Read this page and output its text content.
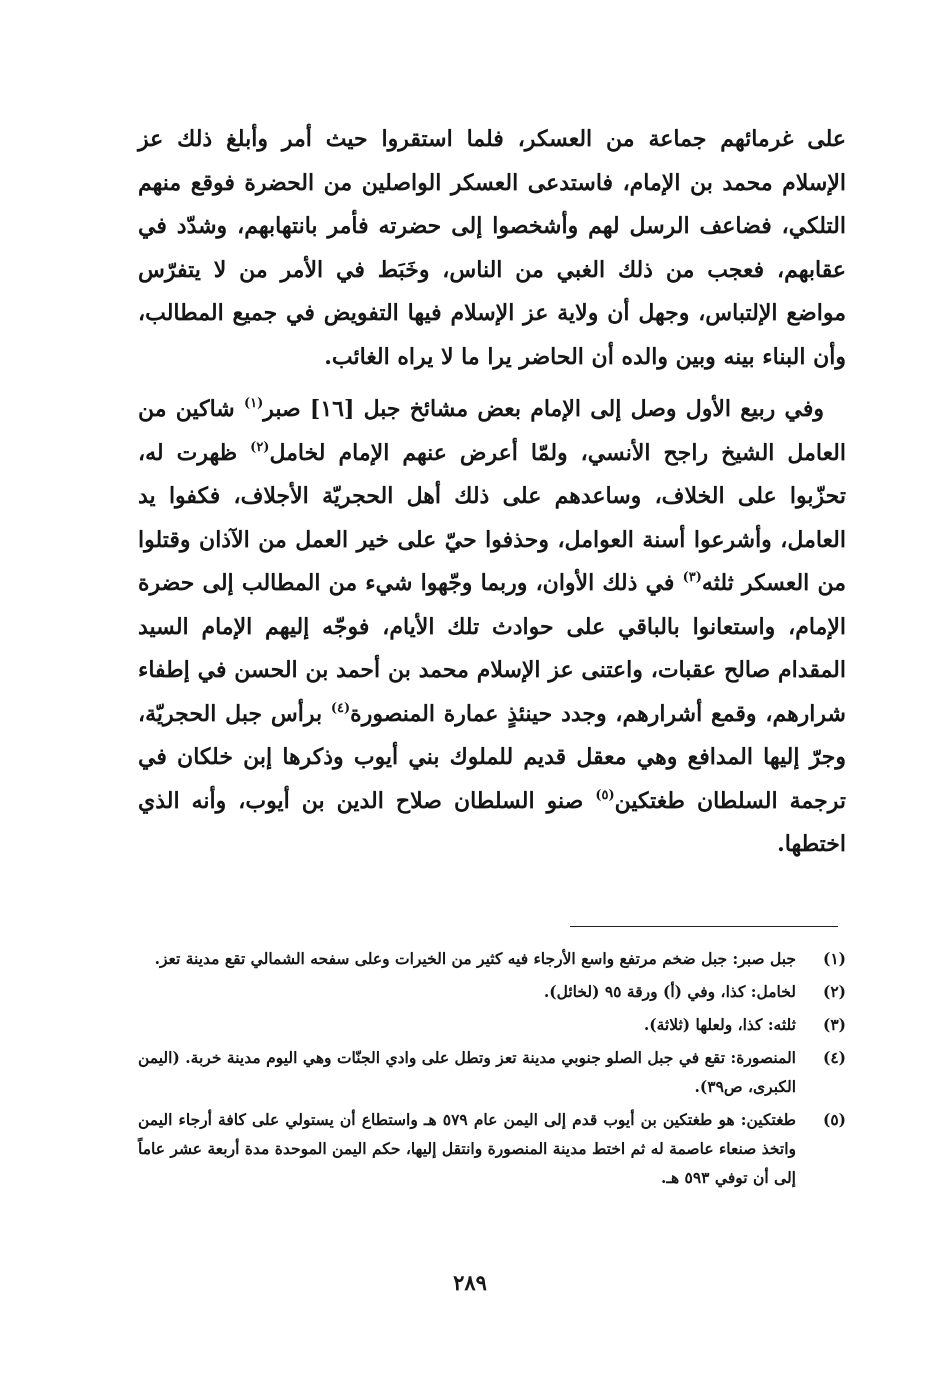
على غرمائهم جماعة من العسكر، فلما استقروا حيث أمر وأبلغ ذلك عز الإسلام محمد بن الإمام، فاستدعى العسكر الواصلين من الحضرة فوقع منهم التلكي، فضاعف الرسل لهم وأشخصوا إلى حضرته فأمر بانتهابهم، وشدّد في عقابهم، فعجب من ذلك الغبي من الناس، وخَبَط في الأمر من لا يتفرّس مواضع الإلتباس، وجهل أن ولاية عز الإسلام فيها التفويض في جميع المطالب، وأن البناء بينه وبين والده أن الحاضر يرا ما لا يراه الغائب.

وفي ربيع الأول وصل إلى الإمام بعض مشائخ جبل [١٦] صبر$^{(١)}$ شاكين من العامل الشيخ راجح الأنسي، ولمّا أعرض عنهم الإمام لخامل$^{(٢)}$ ظهرت له، تحزّبوا على الخلاف، وساعدهم على ذلك أهل الحجريّة الأجلاف، فكفوا يد العامل، وأشرعوا أسنة العوامل، وحذفوا حيّ على خير العمل من الآذان وقتلوا من العسكر ثلثه$^{(٣)}$ في ذلك الأوان، وربما وجّهوا شيء من المطالب إلى حضرة الإمام، واستعانوا بالباقي على حوادث تلك الأيام، فوجّه إليهم الإمام السيد المقدام صالح عقبات، واعتنى عز الإسلام محمد بن أحمد بن الحسن في إطفاء شرارهم، وقمع أشرارهم، وجدد حينئذٍ عمارة المنصورة$^{(٤)}$ برأس جبل الحجريّة، وجرّ إليها المدافع وهي معقل قديم للملوك بني أيوب وذكرها إبن خلكان في ترجمة السلطان طغتكين$^{(٥)}$ صنو السلطان صلاح الدين بن أيوب، وأنه الذي اختطها.

(١)
جبل صبر: جبل ضخم مرتفع واسع الأرجاء فيه كثير من الخيرات وعلى سفحه الشمالي تقع مدينة تعز.
(٢)
لخامل: كذا، وفي (أ) ورقة ٩٥ (لخائل).
(٣)
ثلثه: كذا، ولعلها (ثلاثة).
(٤)
المنصورة: تقع في جبل الصلو جنوبي مدينة تعز وتطل على وادي الجنّات وهي اليوم مدينة خربة. (اليمن الكبرى، ص٣٩).
(٥)
طغتكين: هو طغتكين بن أيوب قدم إلى اليمن عام ٥٧٩ هـ واستطاع أن يستولي على كافة أرجاء اليمن واتخذ صنعاء عاصمة له ثم اختط مدينة المنصورة وانتقل إليها، حكم اليمن الموحدة مدة أربعة عشر عاماً إلى أن توفي ٥٩٣ هـ.
٢٨٩
